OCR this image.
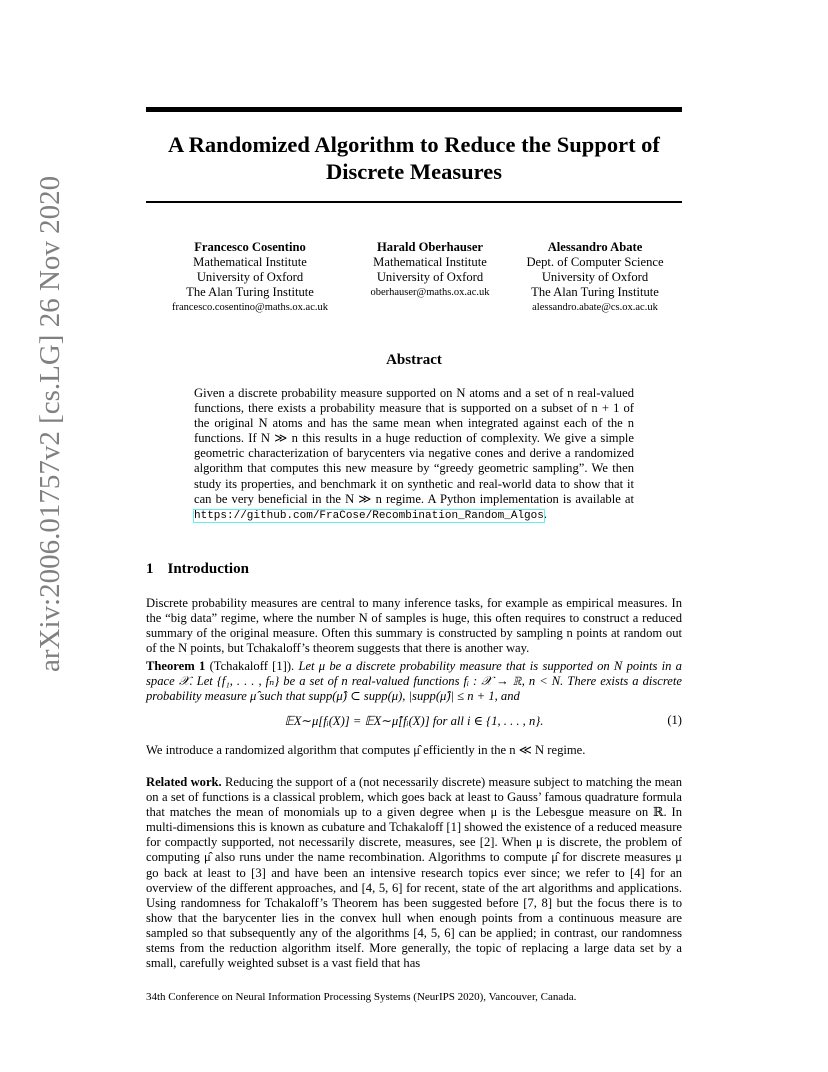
arXiv:2006.01757v2 [cs.LG] 26 Nov 2020
A Randomized Algorithm to Reduce the Support of Discrete Measures
Francesco Cosentino
Mathematical Institute
University of Oxford
The Alan Turing Institute
francesco.cosentino@maths.ox.ac.uk
Harald Oberhauser
Mathematical Institute
University of Oxford
oberhauser@maths.ox.ac.uk
Alessandro Abate
Dept. of Computer Science
University of Oxford
The Alan Turing Institute
alessandro.abate@cs.ox.ac.uk
Abstract
Given a discrete probability measure supported on N atoms and a set of n real-valued functions, there exists a probability measure that is supported on a subset of n + 1 of the original N atoms and has the same mean when integrated against each of the n functions. If N ≫ n this results in a huge reduction of complexity. We give a simple geometric characterization of barycenters via negative cones and derive a randomized algorithm that computes this new measure by “greedy geometric sampling”. We then study its properties, and benchmark it on synthetic and real-world data to show that it can be very beneficial in the N ≫ n regime. A Python implementation is available at https://github.com/FraCose/Recombination_Random_Algos.
1 Introduction
Discrete probability measures are central to many inference tasks, for example as empirical measures. In the “big data” regime, where the number N of samples is huge, this often requires to construct a reduced summary of the original measure. Often this summary is constructed by sampling n points at random out of the N points, but Tchakaloff’s theorem suggests that there is another way.
Theorem 1 (Tchakaloff [1]). Let μ be a discrete probability measure that is supported on N points in a space 𝒳. Let {f₁, . . . , fₙ} be a set of n real-valued functions fᵢ : 𝒳 → ℝ, n < N. There exists a discrete probability measure μ̂ such that supp(μ̂) ⊂ supp(μ), |supp(μ̂)| ≤ n + 1, and
𝔼X∼μ[fᵢ(X)] = 𝔼X∼μ̂[fᵢ(X)] for all i ∈ {1, . . . , n}.	(1)
We introduce a randomized algorithm that computes μ̂ efficiently in the n ≪ N regime.
Related work. Reducing the support of a (not necessarily discrete) measure subject to matching the mean on a set of functions is a classical problem, which goes back at least to Gauss’ famous quadrature formula that matches the mean of monomials up to a given degree when μ is the Lebesgue measure on ℝ. In multi-dimensions this is known as cubature and Tchakaloff [1] showed the existence of a reduced measure for compactly supported, not necessarily discrete, measures, see [2]. When μ is discrete, the problem of computing μ̂ also runs under the name recombination. Algorithms to compute μ̂ for discrete measures μ go back at least to [3] and have been an intensive research topics ever since; we refer to [4] for an overview of the different approaches, and [4, 5, 6] for recent, state of the art algorithms and applications. Using randomness for Tchakaloff’s Theorem has been suggested before [7, 8] but the focus there is to show that the barycenter lies in the convex hull when enough points from a continuous measure are sampled so that subsequently any of the algorithms [4, 5, 6] can be applied; in contrast, our randomness stems from the reduction algorithm itself. More generally, the topic of replacing a large data set by a small, carefully weighted subset is a vast field that has
34th Conference on Neural Information Processing Systems (NeurIPS 2020), Vancouver, Canada.
